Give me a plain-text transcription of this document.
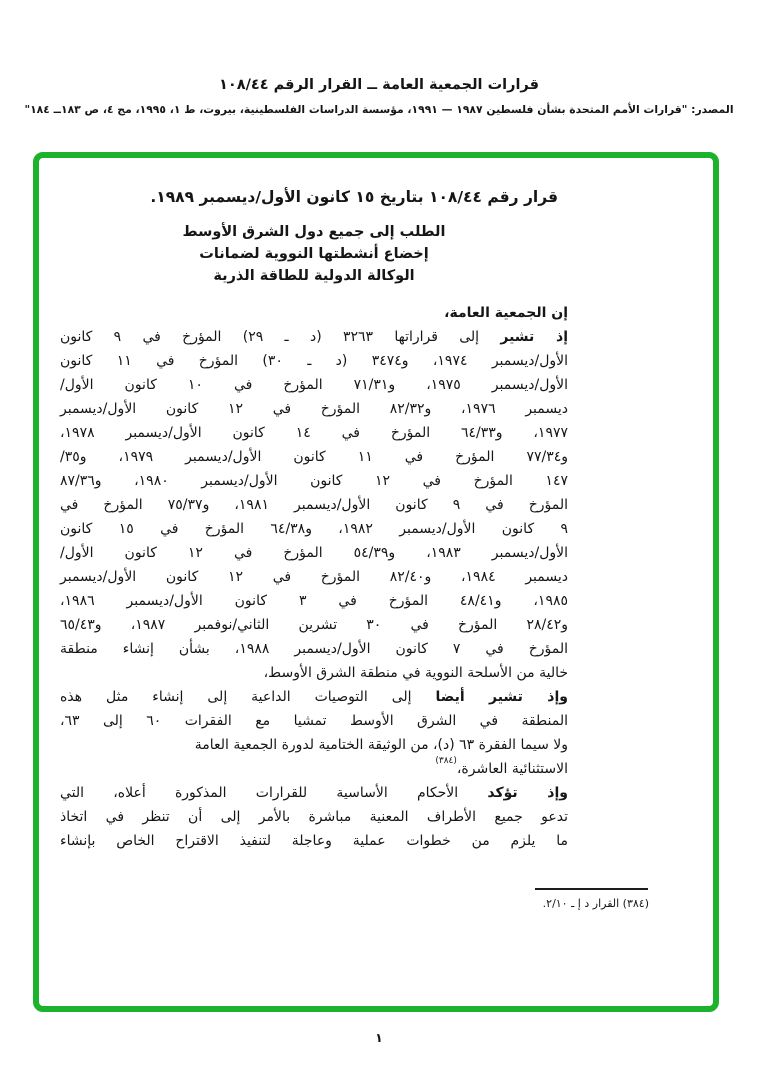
قرارات الجمعية العامة ــ القرار الرقم ١٠٨/٤٤
المصدر: "قرارات الأمم المتحدة بشأن فلسطين ١٩٨٧ — ١٩٩١، مؤسسة الدراسات الفلسطينية، بيروت، ط ١، ١٩٩٥، مج ٤، ص ١٨٣ــ ١٨٤"
قرار رقم ١٠٨/٤٤ بتاريخ ١٥ كانون الأول/ديسمبر ١٩٨٩.
الطلب إلى جميع دول الشرق الأوسط
إخضاع أنشطتها النووية لضمانات
الوكالة الدولية للطاقة الذرية
إن الجمعية العامة،
إذ تشير إلى قراراتها ٣٢٦٣ (د ـ ٢٩) المؤرخ في ٩ كانون
الأول/ديسمبر ١٩٧٤، و٣٤٧٤ (د ـ ٣٠) المؤرخ في ١١ كانون
الأول/ديسمبر ١٩٧٥، و٧١/٣١ المؤرخ في ١٠ كانون الأول/
ديسمبر ١٩٧٦، و٨٢/٣٢ المؤرخ في ١٢ كانون الأول/ديسمبر
١٩٧٧، و٦٤/٣٣ المؤرخ في ١٤ كانون الأول/ديسمبر ١٩٧٨،
و٧٧/٣٤ المؤرخ في ١١ كانون الأول/ديسمبر ١٩٧٩، و٣٥/
١٤٧ المؤرخ في ١٢ كانون الأول/ديسمبر ١٩٨٠، و٨٧/٣٦
المؤرخ في ٩ كانون الأول/ديسمبر ١٩٨١، و٧٥/٣٧ المؤرخ في
٩ كانون الأول/ديسمبر ١٩٨٢، و٦٤/٣٨ المؤرخ في ١٥ كانون
الأول/ديسمبر ١٩٨٣، و٥٤/٣٩ المؤرخ في ١٢ كانون الأول/
ديسمبر ١٩٨٤، و٨٢/٤٠ المؤرخ في ١٢ كانون الأول/ديسمبر
١٩٨٥، و٤٨/٤١ المؤرخ في ٣ كانون الأول/ديسمبر ١٩٨٦،
و٢٨/٤٢ المؤرخ في ٣٠ تشرين الثاني/نوفمبر ١٩٨٧، و٦٥/٤٣
المؤرخ في ٧ كانون الأول/ديسمبر ١٩٨٨، بشأن إنشاء منطقة
خالية من الأسلحة النووية في منطقة الشرق الأوسط،
وإذ تشير أيضا إلى التوصيات الداعية إلى إنشاء مثل هذه
المنطقة في الشرق الأوسط تمشيا مع الفقرات ٦٠ إلى ٦٣،
ولا سيما الفقرة ٦٣ (د)، من الوثيقة الختامية لدورة الجمعية العامة
الاستثنائية العاشرة،$^{(٣٨٤)}$
وإذ تؤكد الأحكام الأساسية للقرارات المذكورة أعلاه، التي
تدعو جميع الأطراف المعنية مباشرة بالأمر إلى أن تنظر في اتخاذ
ما يلزم من خطوات عملية وعاجلة لتنفيذ الاقتراح الخاص بإنشاء
(٣٨٤) القرار د إ ـ ٢/١٠.
١
